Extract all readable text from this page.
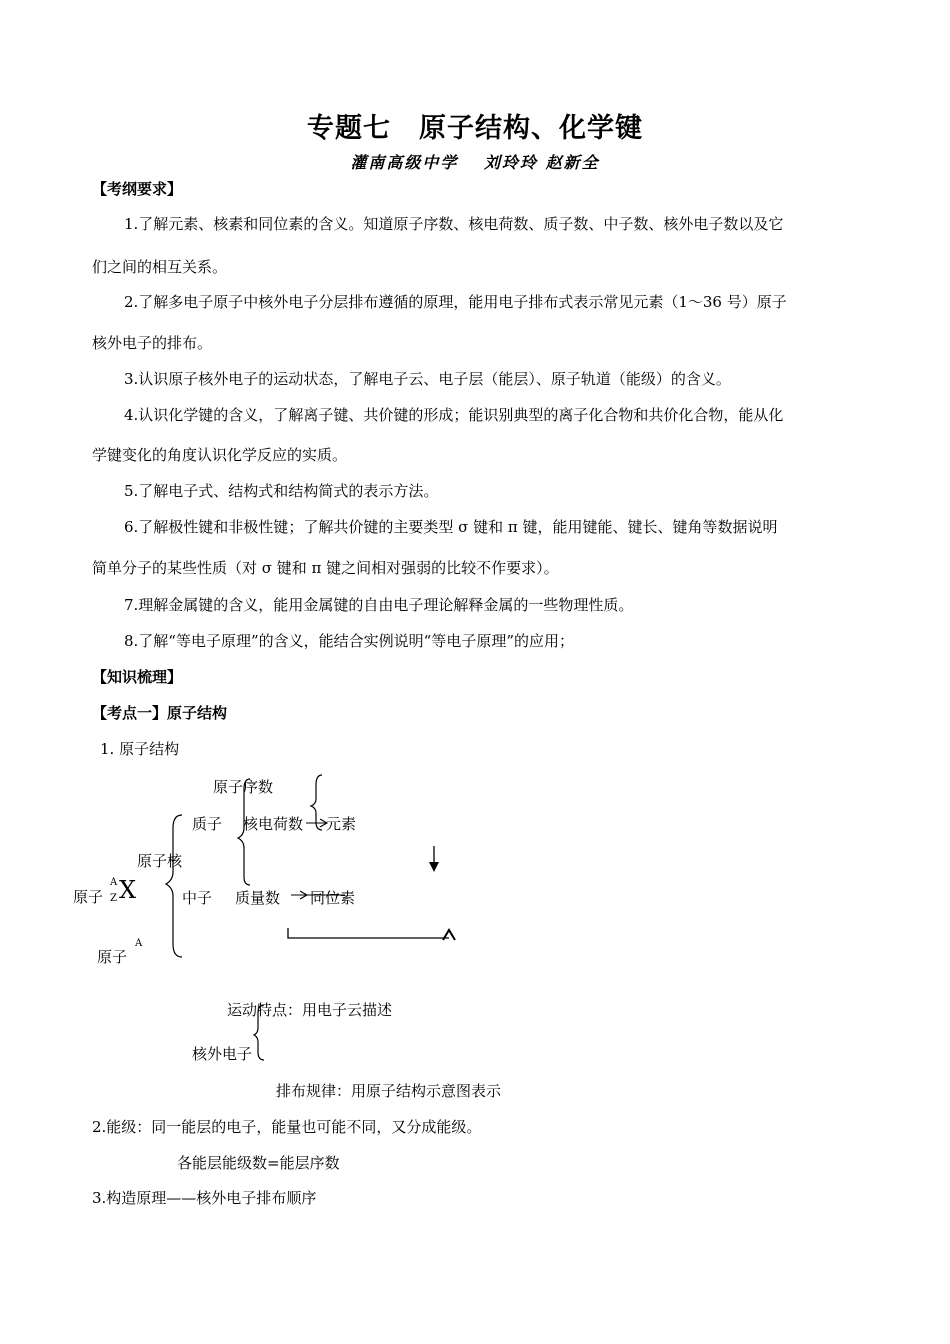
专题七　原子结构、化学键
灌南高级中学　 刘玲玲 赵新全
【考纲要求】
1.了解元素、核素和同位素的含义。知道原子序数、核电荷数、质子数、中子数、核外电子数以及它
们之间的相互关系。
2.了解多电子原子中核外电子分层排布遵循的原理，能用电子排布式表示常见元素（1～36 号）原子
核外电子的排布。
3.认识原子核外电子的运动状态，了解电子云、电子层（能层）、原子轨道（能级）的含义。
4.认识化学键的含义，了解离子键、共价键的形成；能识别典型的离子化合物和共价化合物，能从化
学键变化的角度认识化学反应的实质。
5.了解电子式、结构式和结构简式的表示方法。
6.了解极性键和非极性键；了解共价键的主要类型 σ 键和 π 键，能用键能、键长、键角等数据说明
简单分子的某些性质（对 σ 键和 π 键之间相对强弱的比较不作要求）。
7.理解金属键的含义，能用金属键的自由电子理论解释金属的一些物理性质。
8.了解“等电子原理”的含义，能结合实例说明“等电子原理”的应用；
【知识梳理】
【考点一】原子结构
1. 原子结构
原子序数
质子 核电荷数 元素
原子核
原子
A
Z X	中子 质量数 同位素
原子
A
运动特点：用电子云描述
核外电子
排布规律：用原子结构示意图表示
2.能级：同一能层的电子，能量也可能不同，又分成能级。
各能层能级数=能层序数
3.构造原理——核外电子排布顺序
